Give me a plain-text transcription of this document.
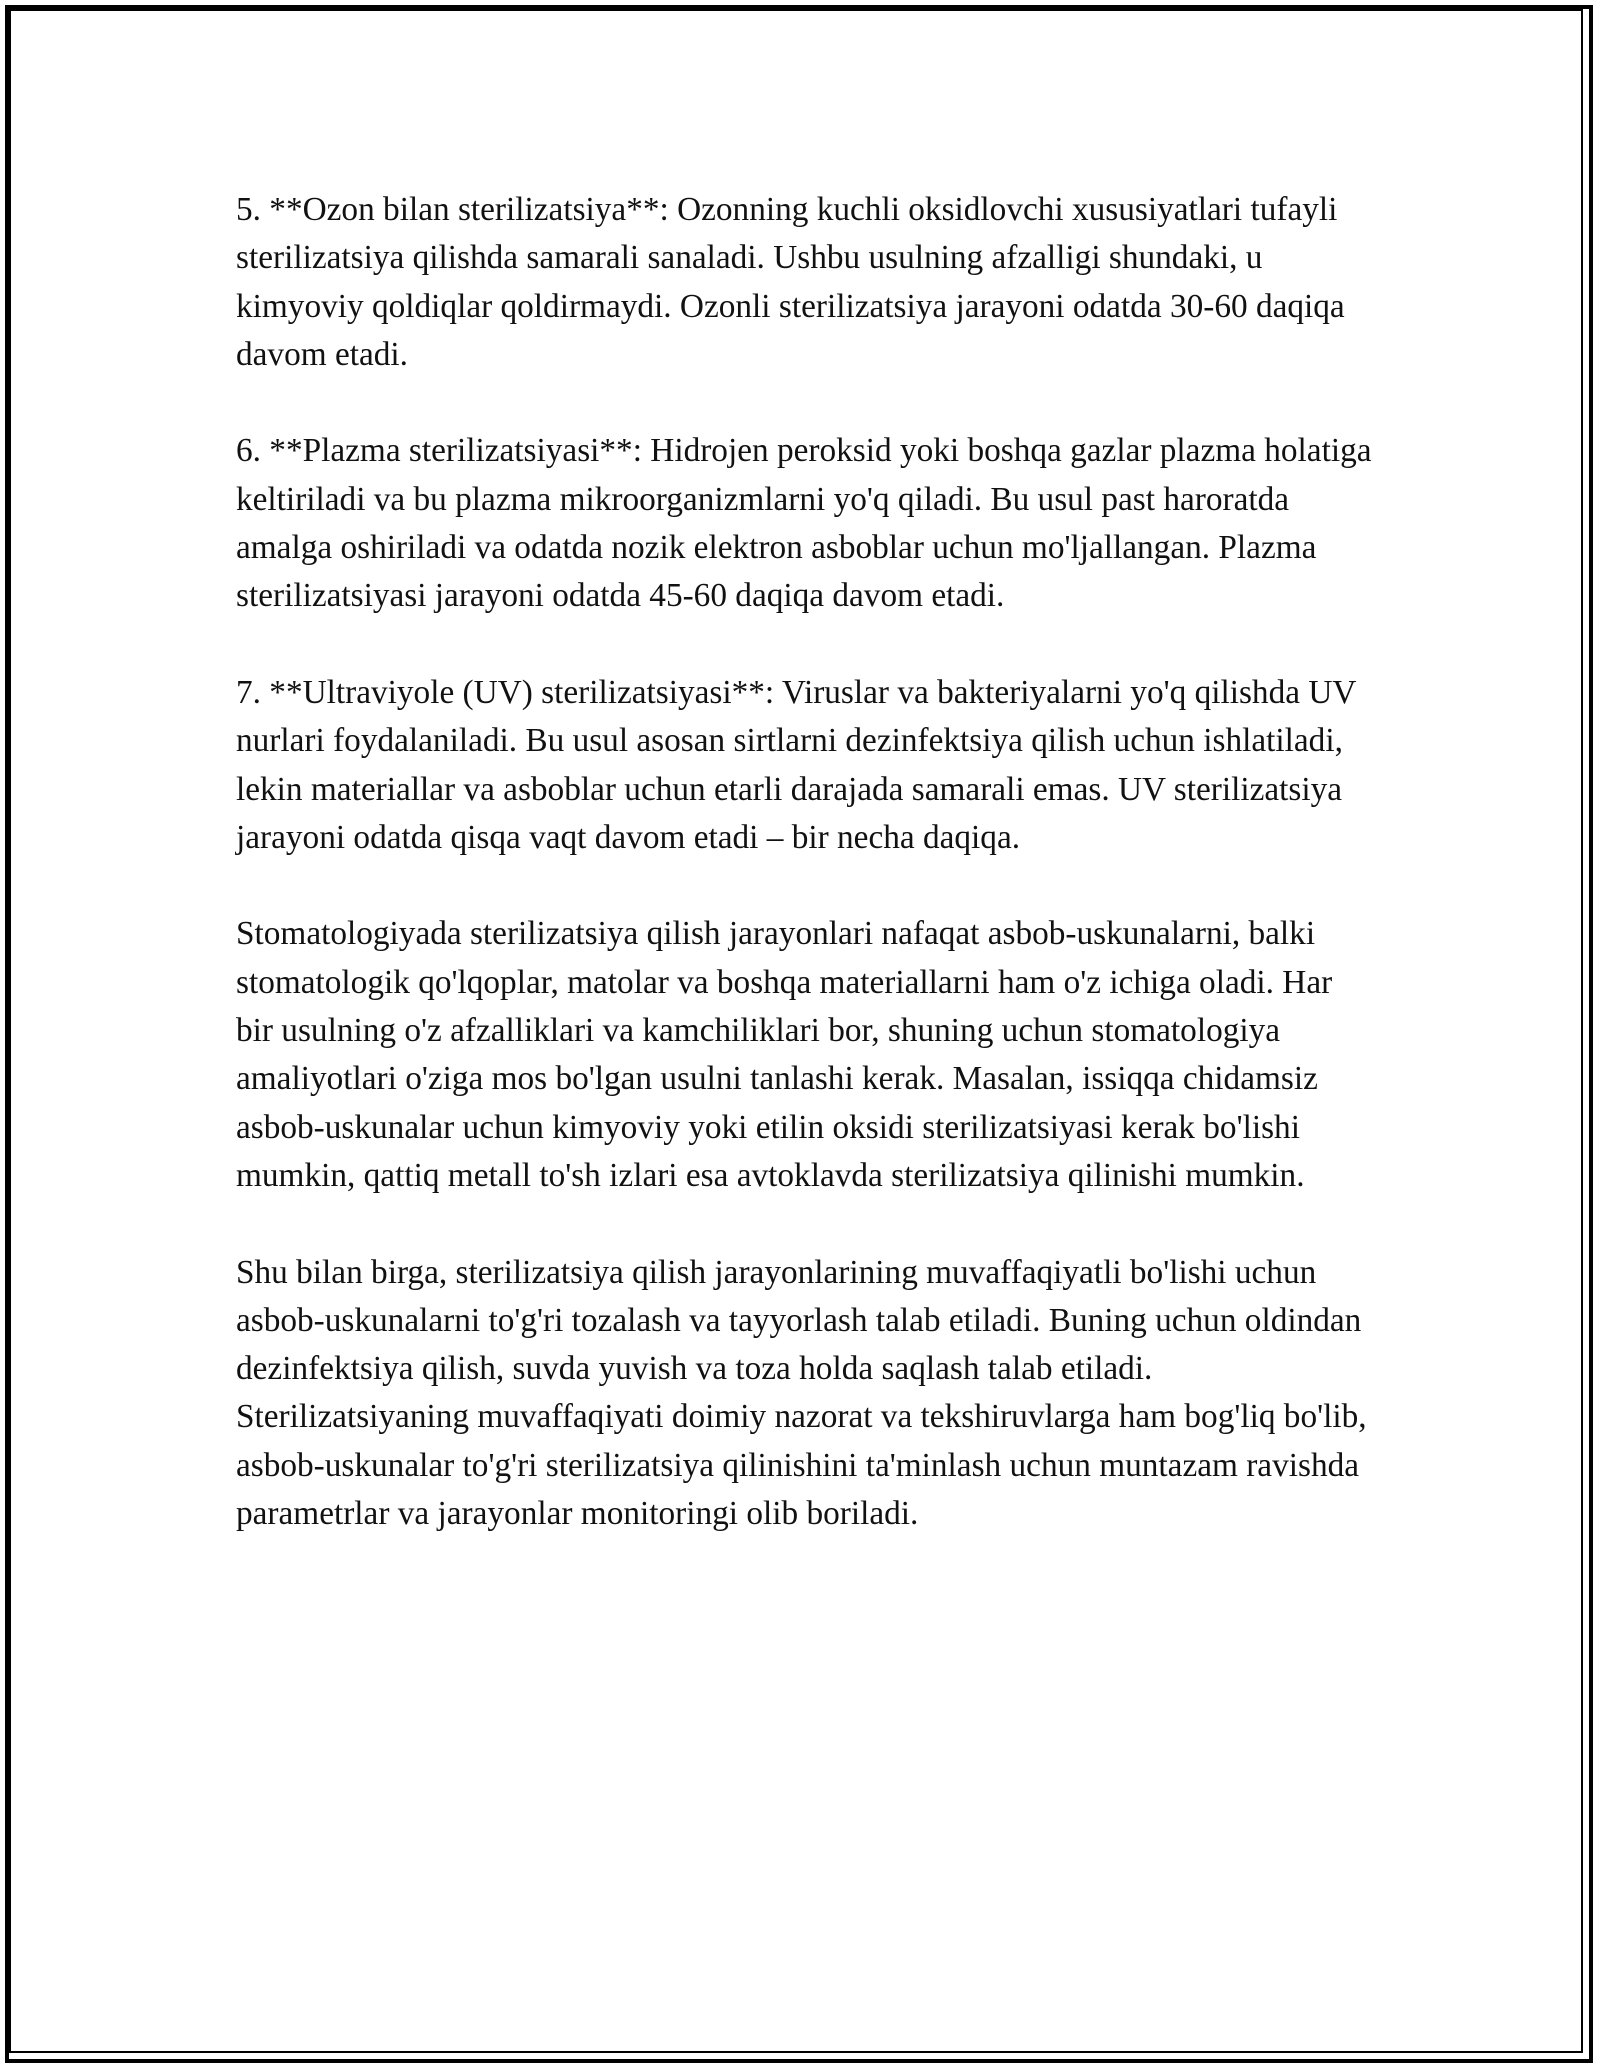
5. **Ozon bilan sterilizatsiya**: Ozonning kuchli oksidlovchi xususiyatlari tufayli sterilizatsiya qilishda samarali sanaladi. Ushbu usulning afzalligi shundaki, u kimyoviy qoldiqlar qoldirmaydi. Ozonli sterilizatsiya jarayoni odatda 30-60 daqiqa davom etadi.

6. **Plazma sterilizatsiyasi**: Hidrojen peroksid yoki boshqa gazlar plazma holatiga keltiriladi va bu plazma mikroorganizmlarni yo'q qiladi. Bu usul past haroratda amalga oshiriladi va odatda nozik elektron asboblar uchun mo'ljallangan. Plazma sterilizatsiyasi jarayoni odatda 45-60 daqiqa davom etadi.

7. **Ultraviyole (UV) sterilizatsiyasi**: Viruslar va bakteriyalarni yo'q qilishda UV nurlari foydalaniladi. Bu usul asosan sirtlarni dezinfektsiya qilish uchun ishlatiladi, lekin materiallar va asboblar uchun etarli darajada samarali emas. UV sterilizatsiya jarayoni odatda qisqa vaqt davom etadi – bir necha daqiqa.

Stomatologiyada sterilizatsiya qilish jarayonlari nafaqat asbob-uskunalarni, balki stomatologik qo'lqoplar, matolar va boshqa materiallarni ham o'z ichiga oladi. Har bir usulning o'z afzalliklari va kamchiliklari bor, shuning uchun stomatologiya amaliyotlari o'ziga mos bo'lgan usulni tanlashi kerak. Masalan, issiqqa chidamsiz asbob-uskunalar uchun kimyoviy yoki etilin oksidi sterilizatsiyasi kerak bo'lishi mumkin, qattiq metall to'sh izlari esa avtoklavda sterilizatsiya qilinishi mumkin.

Shu bilan birga, sterilizatsiya qilish jarayonlarining muvaffaqiyatli bo'lishi uchun asbob-uskunalarni to'g'ri tozalash va tayyorlash talab etiladi. Buning uchun oldindan dezinfektsiya qilish, suvda yuvish va toza holda saqlash talab etiladi. Sterilizatsiyaning muvaffaqiyati doimiy nazorat va tekshiruvlarga ham bog'liq bo'lib, asbob-uskunalar to'g'ri sterilizatsiya qilinishini ta'minlash uchun muntazam ravishda parametrlar va jarayonlar monitoringi olib boriladi.
